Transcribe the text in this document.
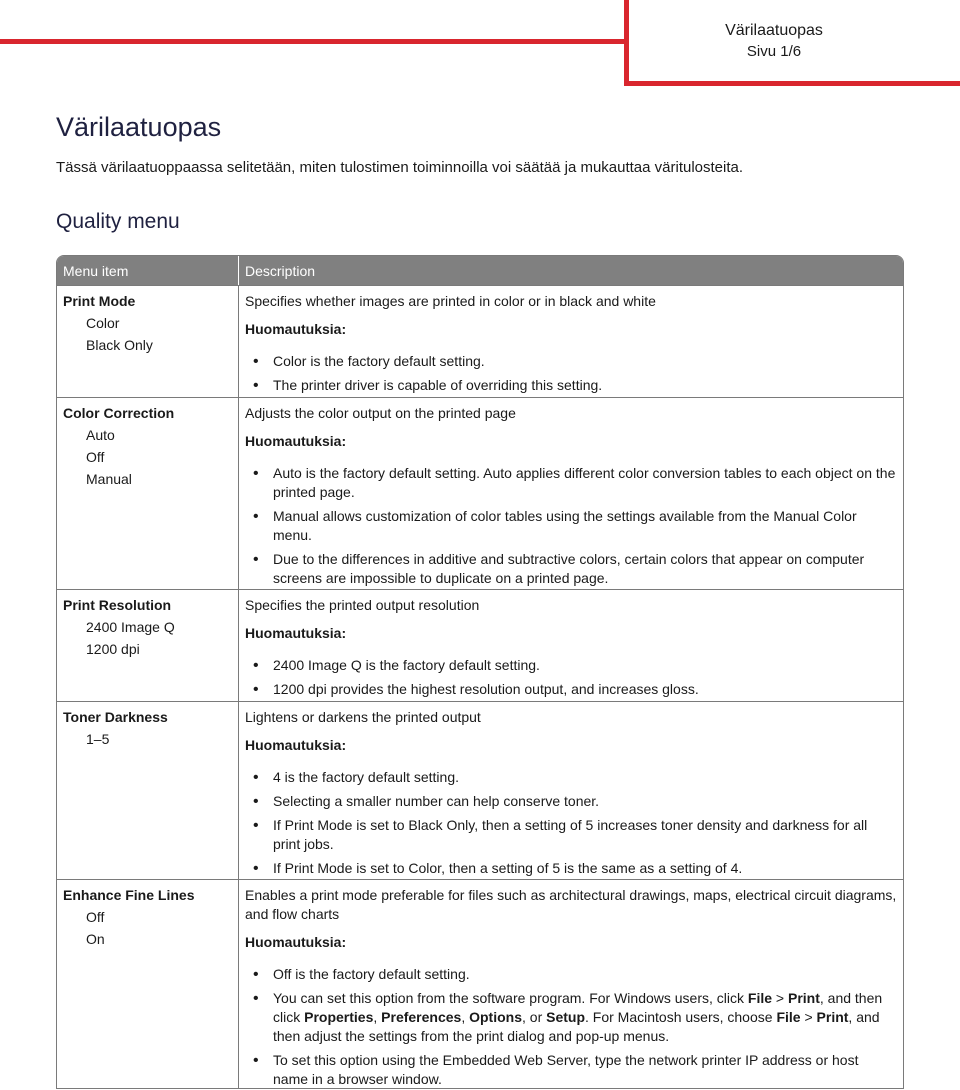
Värilaatuopas
Sivu 1/6
Värilaatuopas
Tässä värilaatuoppaassa selitetään, miten tulostimen toiminnoilla voi säätää ja mukauttaa väritulosteita.
Quality menu
Menu item	Description
Print Mode
Color
Black Only
Specifies whether images are printed in color or in black and white
Huomautuksia:
• Color is the factory default setting.
• The printer driver is capable of overriding this setting.
Color Correction
Auto
Off
Manual
Adjusts the color output on the printed page
Huomautuksia:
• Auto is the factory default setting. Auto applies different color conversion tables to each object on the printed page.
• Manual allows customization of color tables using the settings available from the Manual Color menu.
• Due to the differences in additive and subtractive colors, certain colors that appear on computer screens are impossible to duplicate on a printed page.
Print Resolution
2400 Image Q
1200 dpi
Specifies the printed output resolution
Huomautuksia:
• 2400 Image Q is the factory default setting.
• 1200 dpi provides the highest resolution output, and increases gloss.
Toner Darkness
1–5
Lightens or darkens the printed output
Huomautuksia:
• 4 is the factory default setting.
• Selecting a smaller number can help conserve toner.
• If Print Mode is set to Black Only, then a setting of 5 increases toner density and darkness for all print jobs.
• If Print Mode is set to Color, then a setting of 5 is the same as a setting of 4.
Enhance Fine Lines
Off
On
Enables a print mode preferable for files such as architectural drawings, maps, electrical circuit diagrams, and flow charts
Huomautuksia:
• Off is the factory default setting.
• You can set this option from the software program. For Windows users, click File > Print, and then click Properties, Preferences, Options, or Setup. For Macintosh users, choose File > Print, and then adjust the settings from the print dialog and pop-up menus.
• To set this option using the Embedded Web Server, type the network printer IP address or host name in a browser window.
